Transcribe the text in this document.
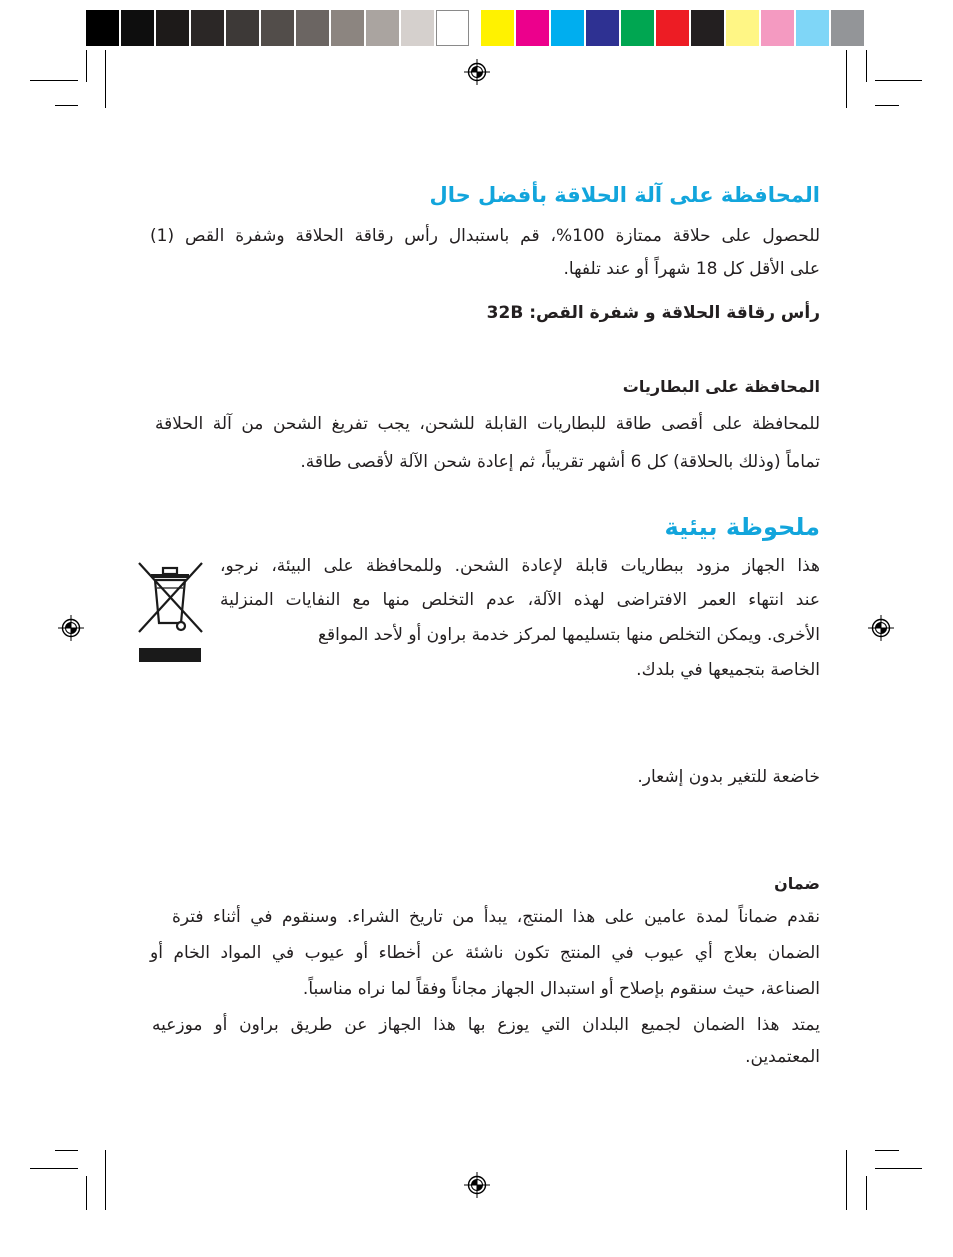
المحافظة على آلة الحلاقة بأفضل حال
للحصول على حلاقة ممتازة 100%، قم باستبدال رأس رقاقة الحلاقة وشفرة القص (1)
على الأقل كل 18 شهراً أو عند تلفها.
رأس رقاقة الحلاقة و شفرة القص: 32B
المحافظة على البطاريات
للمحافظة على أقصى طاقة للبطاريات القابلة للشحن، يجب تفريغ الشحن من آلة الحلاقة
تماماً (وذلك بالحلاقة) كل 6 أشهر تقريباً، ثم إعادة شحن الآلة لأقصى طاقة.
ملحوظة بيئية
هذا الجهاز مزود ببطاريات قابلة لإعادة الشحن. وللمحافظة على البيئة، نرجو،
عند انتهاء العمر الافتراضى لهذه الآلة، عدم التخلص منها مع النفايات المنزلية
الأخرى. ويمكن التخلص منها بتسليمها لمركز خدمة براون أو لأحد المواقع
الخاصة بتجميعها في بلدك.
خاضعة للتغير بدون إشعار.
ضمان
نقدم ضماناً لمدة عامين على هذا المنتج، يبدأ من تاريخ الشراء. وسنقوم في أثناء فترة
الضمان بعلاج أي عيوب في المنتج تكون ناشئة عن أخطاء أو عيوب في المواد الخام أو
الصناعة، حيث سنقوم بإصلاح أو استبدال الجهاز مجاناً وفقاً لما نراه مناسباً.
يمتد هذا الضمان لجميع البلدان التي يوزع بها هذا الجهاز عن طريق براون أو موزعيه
المعتمدين.
